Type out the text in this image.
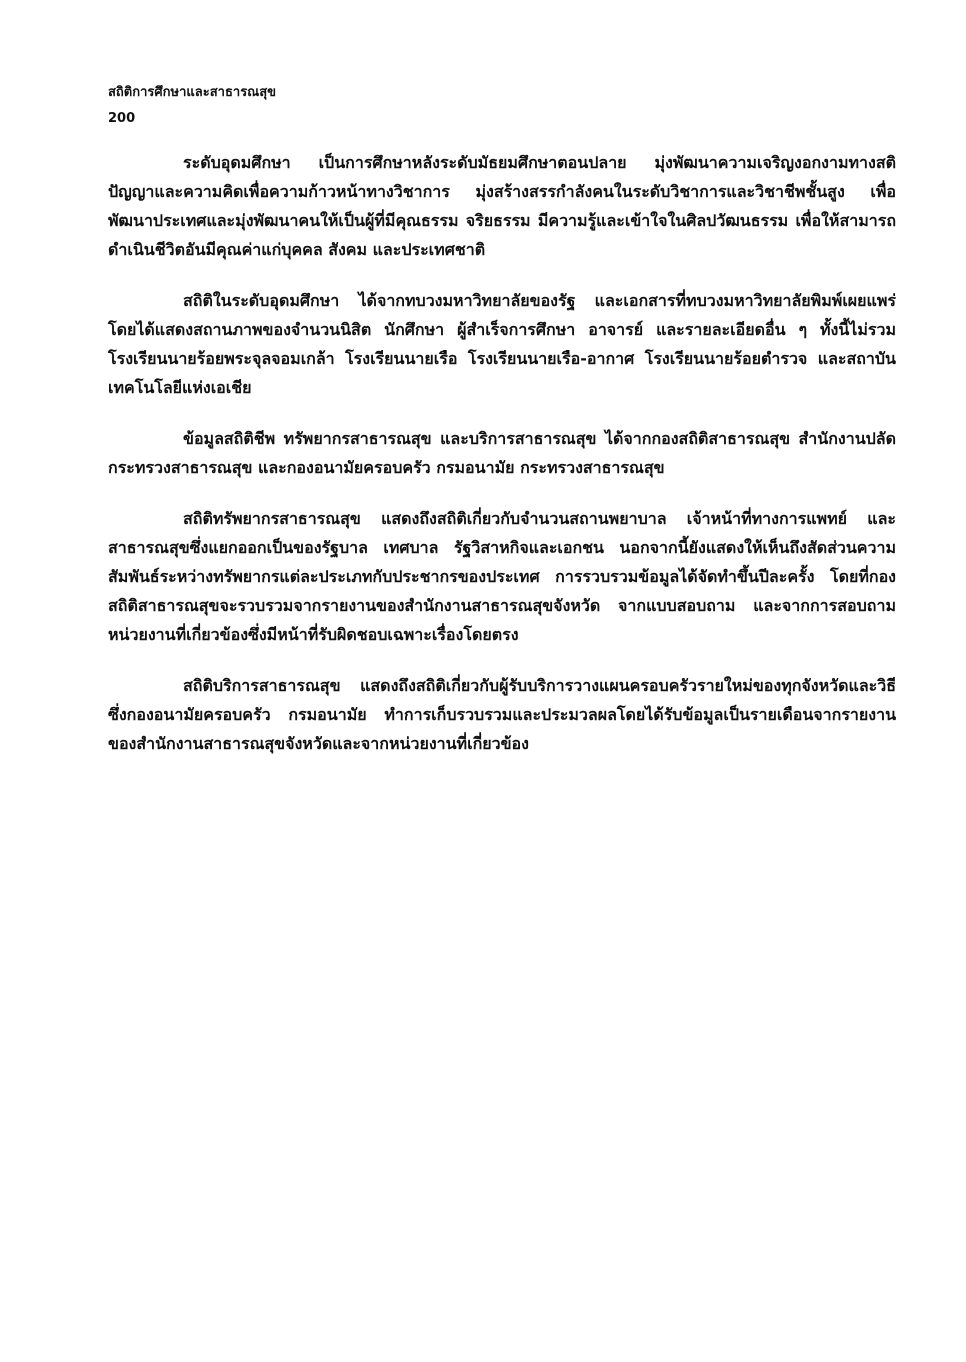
สถิติการศึกษาและสาธารณสุข
200

ระดับอุดมศึกษา เป็นการศึกษาหลังระดับมัธยมศึกษาตอนปลาย มุ่งพัฒนาความเจริญงอกงามทางสติปัญญาและความคิดเพื่อความก้าวหน้าทางวิชาการ มุ่งสร้างสรรกำลังคนในระดับวิชาการและวิชาชีพชั้นสูง เพื่อพัฒนาประเทศและมุ่งพัฒนาคนให้เป็นผู้ที่มีคุณธรรม จริยธรรม มีความรู้และเข้าใจในศิลปวัฒนธรรม เพื่อให้สามารถดำเนินชีวิตอันมีคุณค่าแก่บุคคล สังคม และประเทศชาติ

สถิติในระดับอุดมศึกษา ได้จากทบวงมหาวิทยาลัยของรัฐ และเอกสารที่ทบวงมหาวิทยาลัยพิมพ์เผยแพร่โดยได้แสดงสถานภาพของจำนวนนิสิต นักศึกษา ผู้สำเร็จการศึกษา อาจารย์ และรายละเอียดอื่น ๆ ทั้งนี้ไม่รวมโรงเรียนนายร้อยพระจุลจอมเกล้า โรงเรียนนายเรือ โรงเรียนนายเรือ-อากาศ โรงเรียนนายร้อยตำรวจ และสถาบันเทคโนโลยีแห่งเอเชีย

ข้อมูลสถิติชีพ ทรัพยากรสาธารณสุข และบริการสาธารณสุข ได้จากกองสถิติสาธารณสุข สำนักงานปลัดกระทรวงสาธารณสุข และกองอนามัยครอบครัว กรมอนามัย กระทรวงสาธารณสุข

สถิติทรัพยากรสาธารณสุข แสดงถึงสถิติเกี่ยวกับจำนวนสถานพยาบาล เจ้าหน้าที่ทางการแพทย์ และสาธารณสุขซึ่งแยกออกเป็นของรัฐบาล เทศบาล รัฐวิสาหกิจและเอกชน นอกจากนี้ยังแสดงให้เห็นถึงสัดส่วนความสัมพันธ์ระหว่างทรัพยากรแต่ละประเภทกับประชากรของประเทศ การรวบรวมข้อมูลได้จัดทำขึ้นปีละครั้ง โดยที่กองสถิติสาธารณสุขจะรวบรวมจากรายงานของสำนักงานสาธารณสุขจังหวัด จากแบบสอบถาม และจากการสอบถามหน่วยงานที่เกี่ยวข้องซึ่งมีหน้าที่รับผิดชอบเฉพาะเรื่องโดยตรง

สถิติบริการสาธารณสุข แสดงถึงสถิติเกี่ยวกับผู้รับบริการวางแผนครอบครัวรายใหม่ของทุกจังหวัดและวิธี ซึ่งกองอนามัยครอบครัว กรมอนามัย ทำการเก็บรวบรวมและประมวลผลโดยได้รับข้อมูลเป็นรายเดือนจากรายงานของสำนักงานสาธารณสุขจังหวัดและจากหน่วยงานที่เกี่ยวข้อง
